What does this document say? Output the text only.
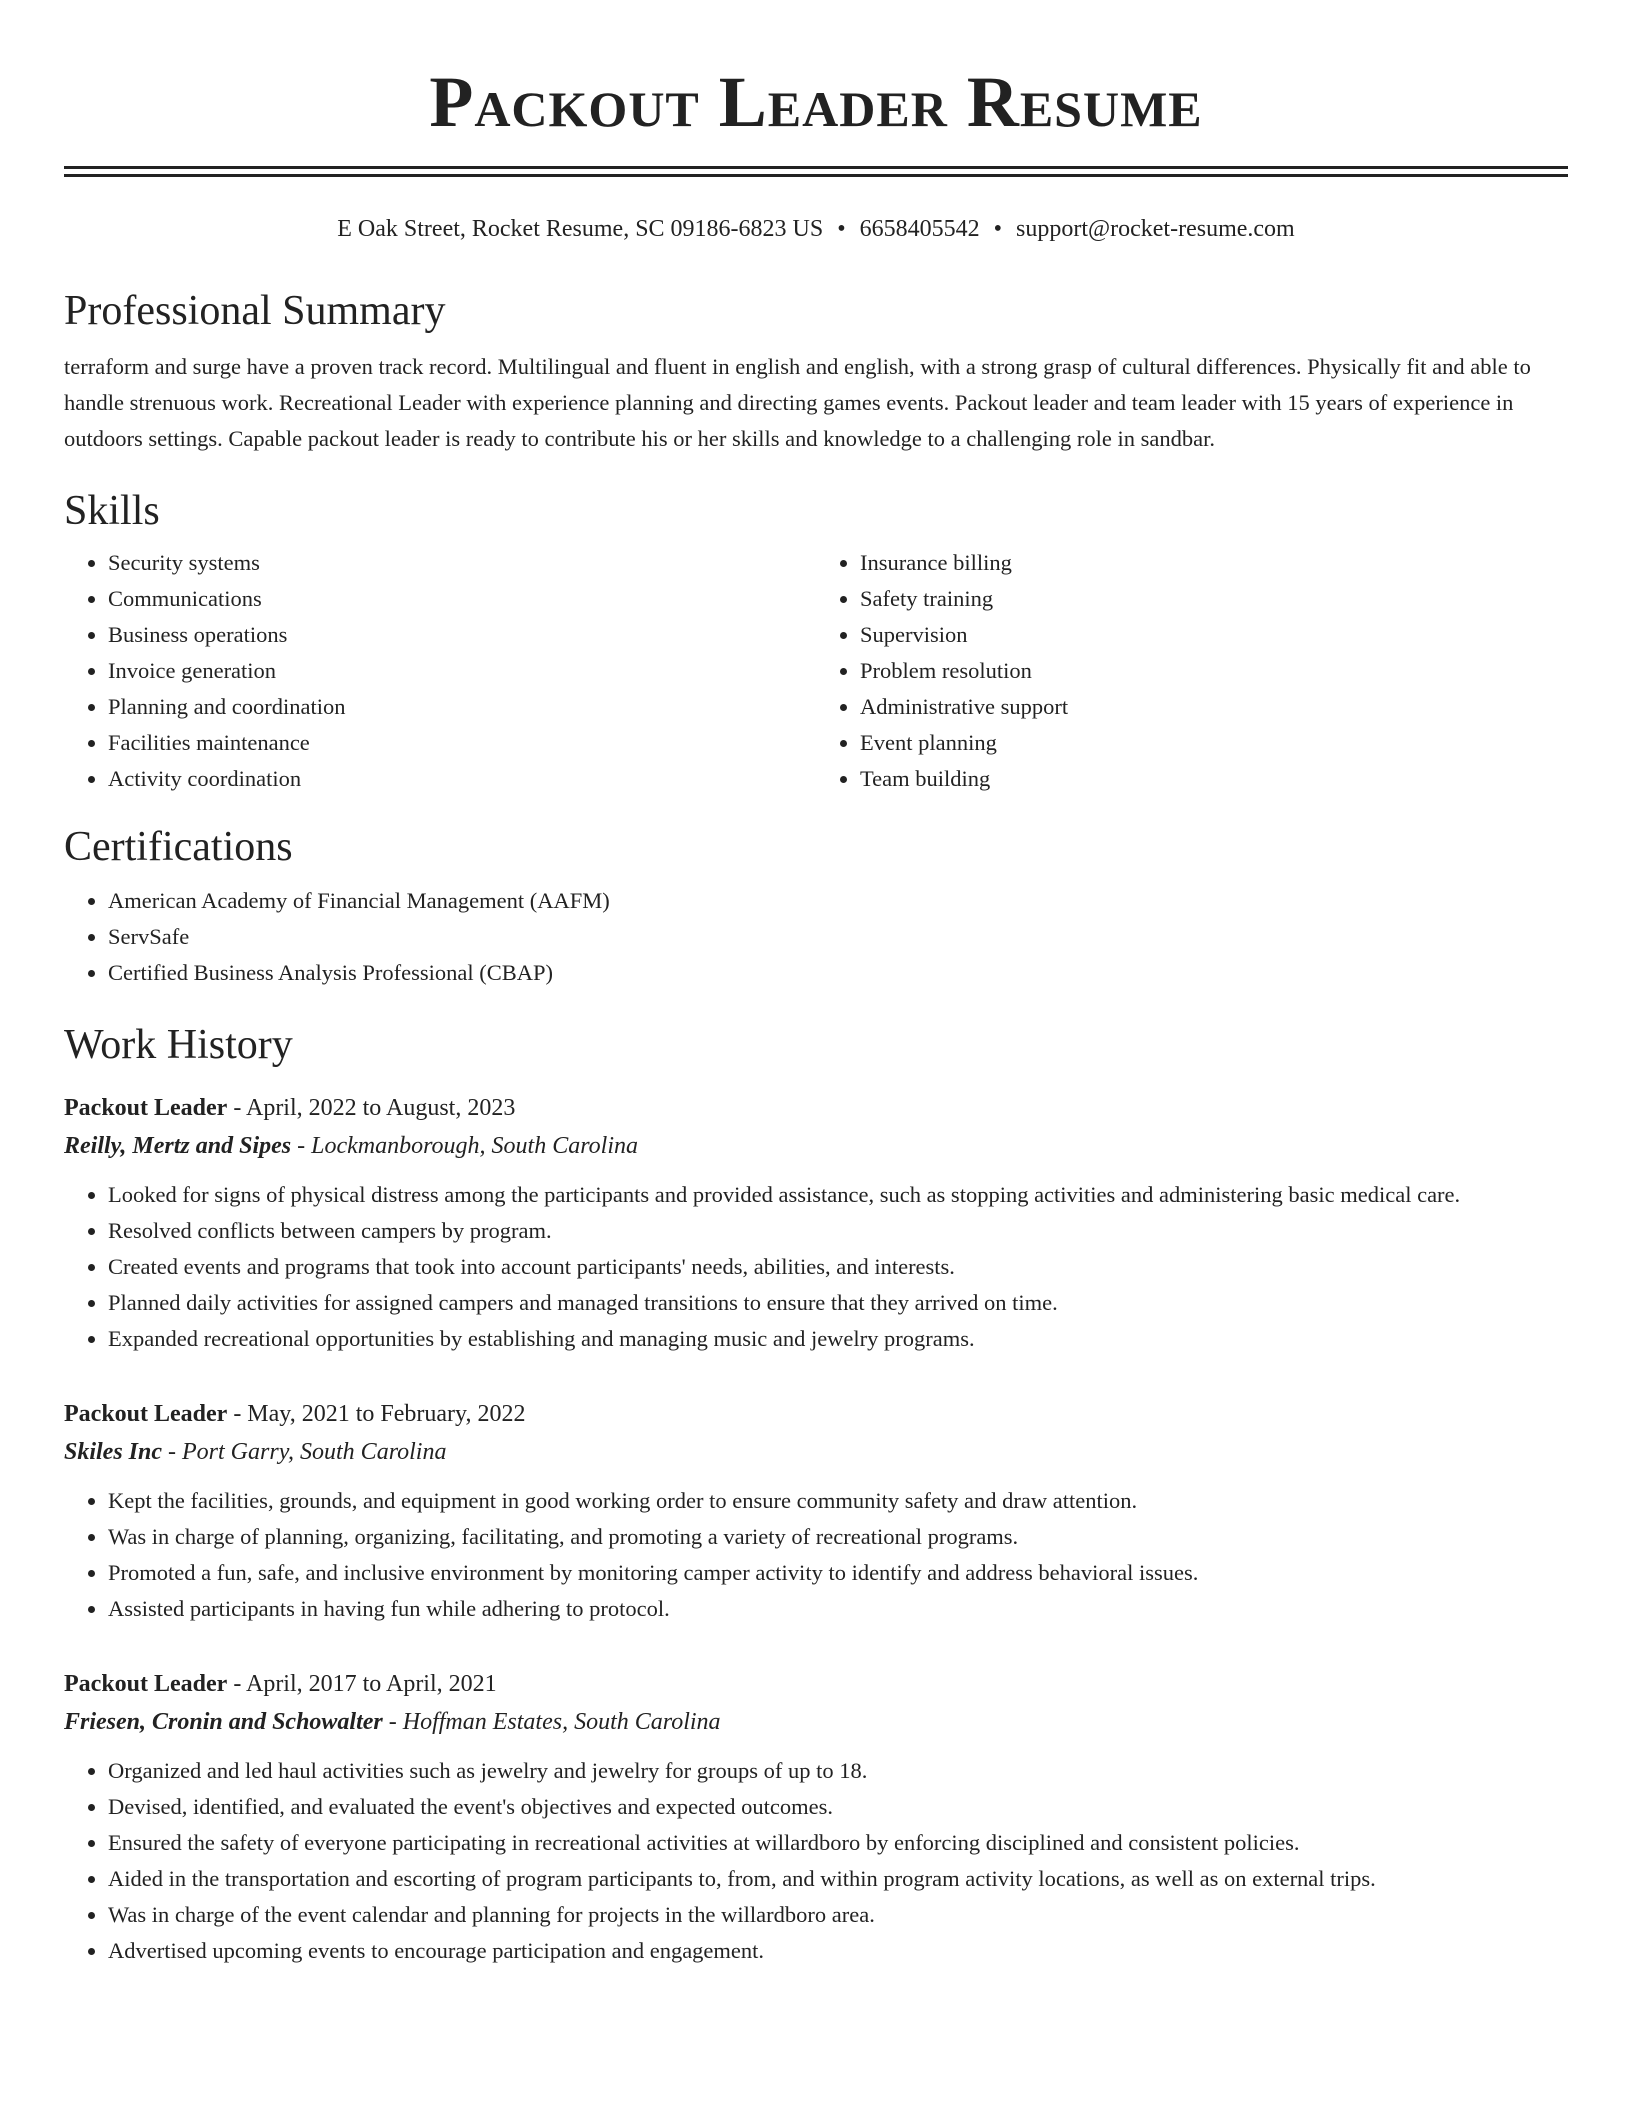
Packout Leader Resume
E Oak Street, Rocket Resume, SC 09186-6823 US • 6658405542 • support@rocket-resume.com
Professional Summary

terraform and surge have a proven track record. Multilingual and fluent in english and english, with a strong grasp of cultural differences. Physically fit and able to handle strenuous work. Recreational Leader with experience planning and directing games events. Packout leader and team leader with 15 years of experience in outdoors settings. Capable packout leader is ready to contribute his or her skills and knowledge to a challenging role in sandbar.

Skills
• Security systems
• Communications
• Business operations
• Invoice generation
• Planning and coordination
• Facilities maintenance
• Activity coordination
• Insurance billing
• Safety training
• Supervision
• Problem resolution
• Administrative support
• Event planning
• Team building
Certifications
• American Academy of Financial Management (AAFM)
• ServSafe
• Certified Business Analysis Professional (CBAP)
Work History
Packout Leader - April, 2022 to August, 2023
Reilly, Mertz and Sipes - Lockmanborough, South Carolina
• Looked for signs of physical distress among the participants and provided assistance, such as stopping activities and administering basic medical care.
• Resolved conflicts between campers by program.
• Created events and programs that took into account participants' needs, abilities, and interests.
• Planned daily activities for assigned campers and managed transitions to ensure that they arrived on time.
• Expanded recreational opportunities by establishing and managing music and jewelry programs.
Packout Leader - May, 2021 to February, 2022
Skiles Inc - Port Garry, South Carolina
• Kept the facilities, grounds, and equipment in good working order to ensure community safety and draw attention.
• Was in charge of planning, organizing, facilitating, and promoting a variety of recreational programs.
• Promoted a fun, safe, and inclusive environment by monitoring camper activity to identify and address behavioral issues.
• Assisted participants in having fun while adhering to protocol.
Packout Leader - April, 2017 to April, 2021
Friesen, Cronin and Schowalter - Hoffman Estates, South Carolina
• Organized and led haul activities such as jewelry and jewelry for groups of up to 18.
• Devised, identified, and evaluated the event's objectives and expected outcomes.
• Ensured the safety of everyone participating in recreational activities at willardboro by enforcing disciplined and consistent policies.
• Aided in the transportation and escorting of program participants to, from, and within program activity locations, as well as on external trips.
• Was in charge of the event calendar and planning for projects in the willardboro area.
• Advertised upcoming events to encourage participation and engagement.
